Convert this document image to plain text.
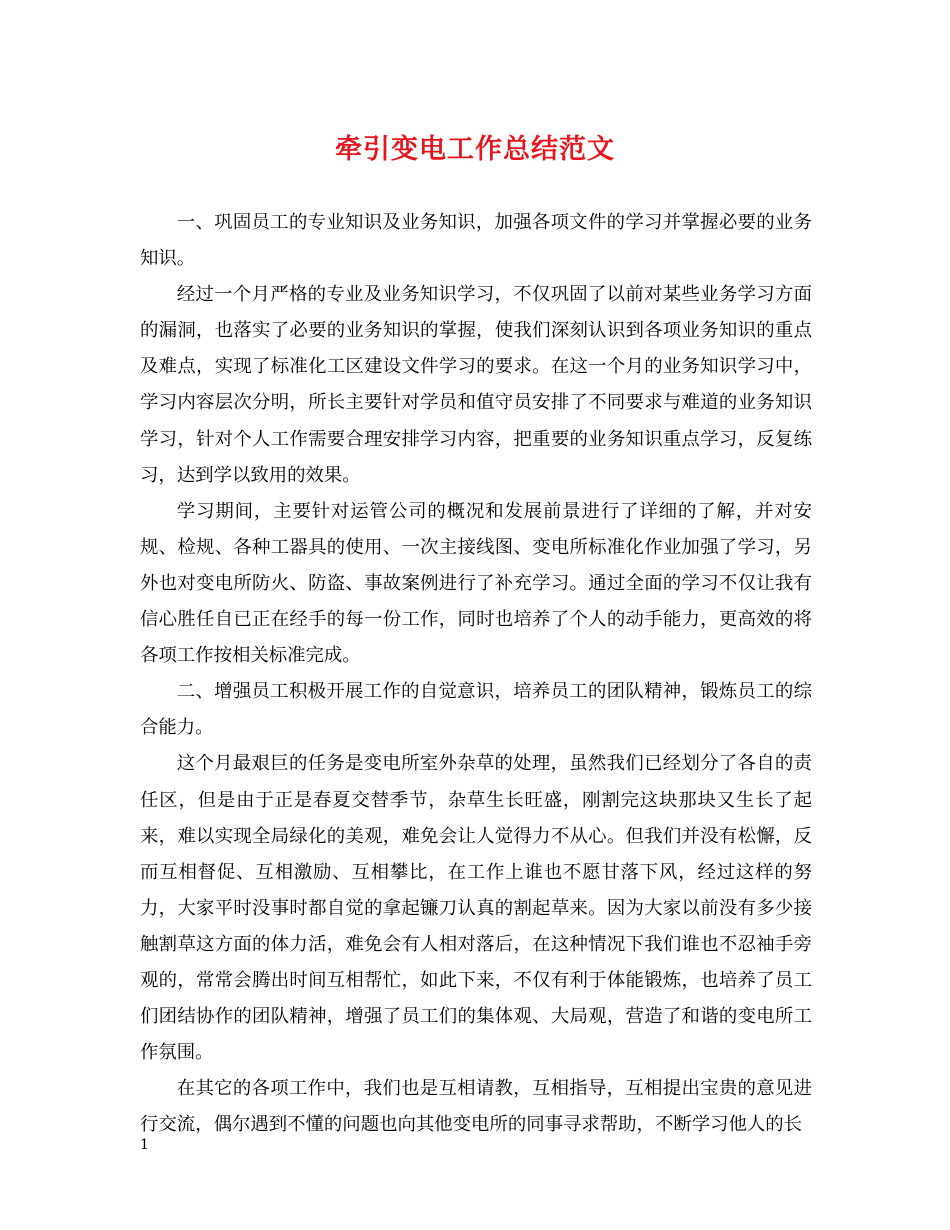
牵引变电工作总结范文

一、巩固员工的专业知识及业务知识，加强各项文件的学习并掌握必要的业务知识。

经过一个月严格的专业及业务知识学习，不仅巩固了以前对某些业务学习方面的漏洞，也落实了必要的业务知识的掌握，使我们深刻认识到各项业务知识的重点及难点，实现了标准化工区建设文件学习的要求。在这一个月的业务知识学习中，学习内容层次分明，所长主要针对学员和值守员安排了不同要求与难道的业务知识学习，针对个人工作需要合理安排学习内容，把重要的业务知识重点学习，反复练习，达到学以致用的效果。

学习期间，主要针对运管公司的概况和发展前景进行了详细的了解，并对安规、检规、各种工器具的使用、一次主接线图、变电所标准化作业加强了学习，另外也对变电所防火、防盗、事故案例进行了补充学习。通过全面的学习不仅让我有信心胜任自已正在经手的每一份工作，同时也培养了个人的动手能力，更高效的将各项工作按相关标准完成。

二、增强员工积极开展工作的自觉意识，培养员工的团队精神，锻炼员工的综合能力。

这个月最艰巨的任务是变电所室外杂草的处理，虽然我们已经划分了各自的责任区，但是由于正是春夏交替季节，杂草生长旺盛，刚割完这块那块又生长了起来，难以实现全局绿化的美观，难免会让人觉得力不从心。但我们并没有松懈，反而互相督促、互相激励、互相攀比，在工作上谁也不愿甘落下风，经过这样的努力，大家平时没事时都自觉的拿起镰刀认真的割起草来。因为大家以前没有多少接触割草这方面的体力活，难免会有人相对落后，在这种情况下我们谁也不忍袖手旁观的，常常会腾出时间互相帮忙，如此下来，不仅有利于体能锻炼，也培养了员工们团结协作的团队精神，增强了员工们的集体观、大局观，营造了和谐的变电所工作氛围。

在其它的各项工作中，我们也是互相请教，互相指导，互相提出宝贵的意见进行交流，偶尔遇到不懂的问题也向其他变电所的同事寻求帮助，不断学习他人的长

1
